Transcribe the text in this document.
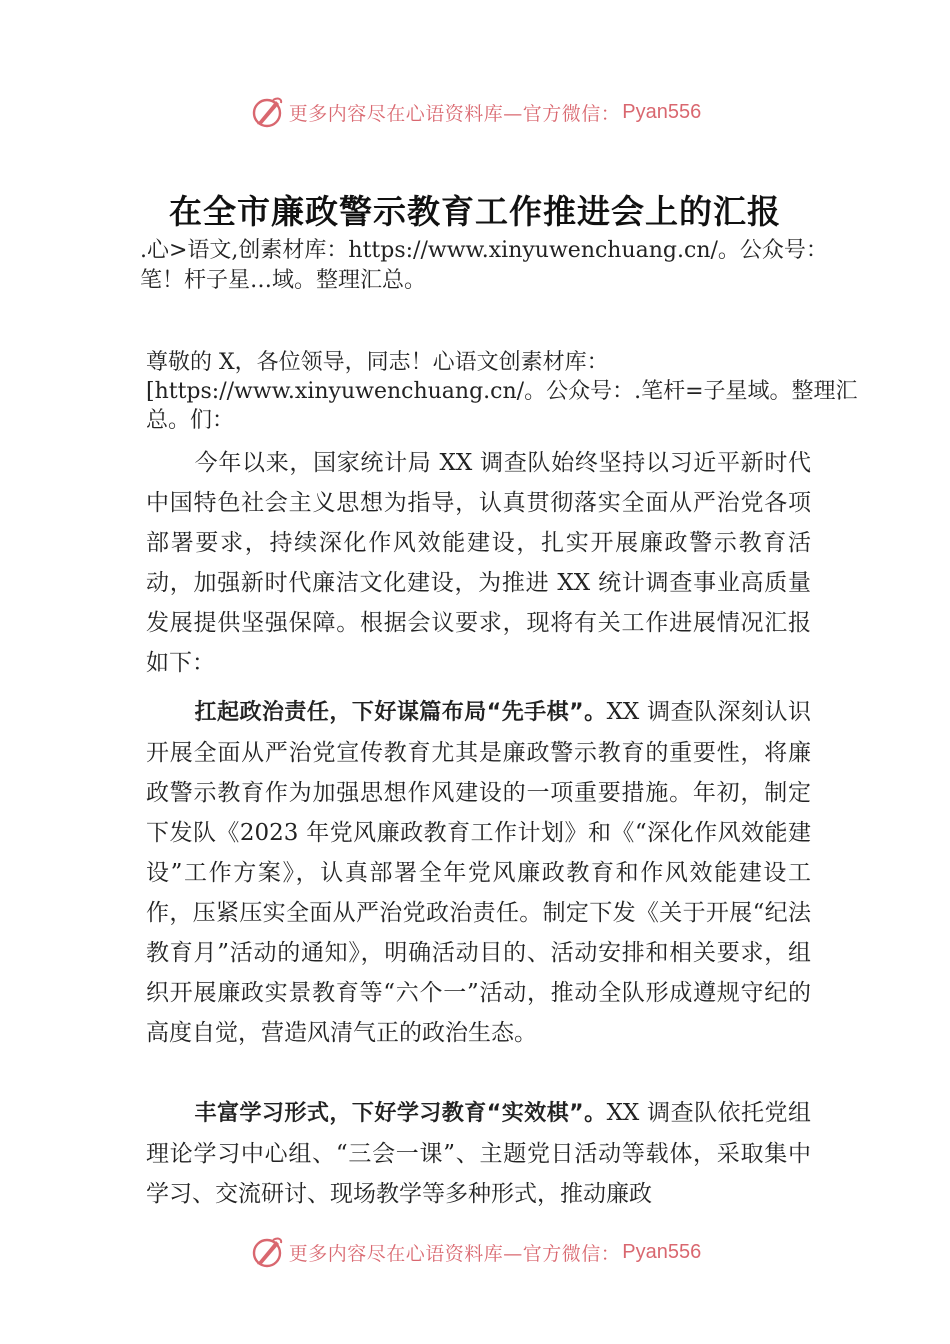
更多内容尽在心语资料库—官方微信： Pyan556
在全市廉政警示教育工作推进会上的汇报
.心>语文,创素材库：https://www.xinyuwenchuang.cn/。公众号：笔！杆子星…域。整理汇总。
尊敬的 X，各位领导，同志！心语文创素材库：[https://www.xinyuwenchuang.cn/。公众号：.笔杆=子星域。整理汇总。们：
今年以来，国家统计局 XX 调查队始终坚持以习近平新时代中国特色社会主义思想为指导，认真贯彻落实全面从严治党各项部署要求，持续深化作风效能建设，扎实开展廉政警示教育活动，加强新时代廉洁文化建设，为推进 XX 统计调查事业高质量发展提供坚强保障。根据会议要求，现将有关工作进展情况汇报如下：
扛起政治责任，下好谋篇布局“先手棋”。XX 调查队深刻认识开展全面从严治党宣传教育尤其是廉政警示教育的重要性，将廉政警示教育作为加强思想作风建设的一项重要措施。年初，制定下发队《2023 年党风廉政教育工作计划》和《“深化作风效能建设”工作方案》，认真部署全年党风廉政教育和作风效能建设工作，压紧压实全面从严治党政治责任。制定下发《关于开展“纪法教育月”活动的通知》，明确活动目的、活动安排和相关要求，组织开展廉政实景教育等“六个一”活动，推动全队形成遵规守纪的高度自觉，营造风清气正的政治生态。
丰富学习形式，下好学习教育“实效棋”。XX 调查队依托党组理论学习中心组、“三会一课”、主题党日活动等载体，采取集中学习、交流研讨、现场教学等多种形式，推动廉政
更多内容尽在心语资料库—官方微信： Pyan556
